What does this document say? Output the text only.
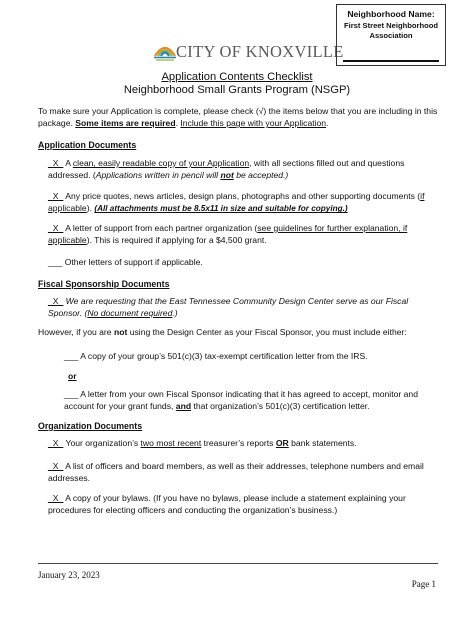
CITY OF KNOXVILLE
Neighborhood Name:
First Street Neighborhood Association
Application Contents Checklist
Neighborhood Small Grants Program (NSGP)
To make sure your Application is complete, please check (√) the items below that you are including in this package. Some items are required. Include this page with your Application.
Application Documents
_X_ A clean, easily readable copy of your Application, with all sections filled out and questions addressed. (Applications written in pencil will not be accepted.)
_X_ Any price quotes, news articles, design plans, photographs and other supporting documents (if applicable). (All attachments must be 8.5x11 in size and suitable for copying.)
_X_ A letter of support from each partner organization (see guidelines for further explanation, if applicable). This is required if applying for a $4,500 grant.
___ Other letters of support if applicable.
Fiscal Sponsorship Documents
_X_ We are requesting that the East Tennessee Community Design Center serve as our Fiscal Sponsor. (No document required.)
However, if you are not using the Design Center as your Fiscal Sponsor, you must include either:
___ A copy of your group’s 501(c)(3) tax-exempt certification letter from the IRS.
or
___ A letter from your own Fiscal Sponsor indicating that it has agreed to accept, monitor and account for your grant funds, and that organization’s 501(c)(3) certification letter.
Organization Documents
_X_ Your organization’s two most recent treasurer’s reports OR bank statements.
_X_ A list of officers and board members, as well as their addresses, telephone numbers and email addresses.
_X_ A copy of your bylaws. (If you have no bylaws, please include a statement explaining your procedures for electing officers and conducting the organization’s business.)
January 23, 2023
Page 1
